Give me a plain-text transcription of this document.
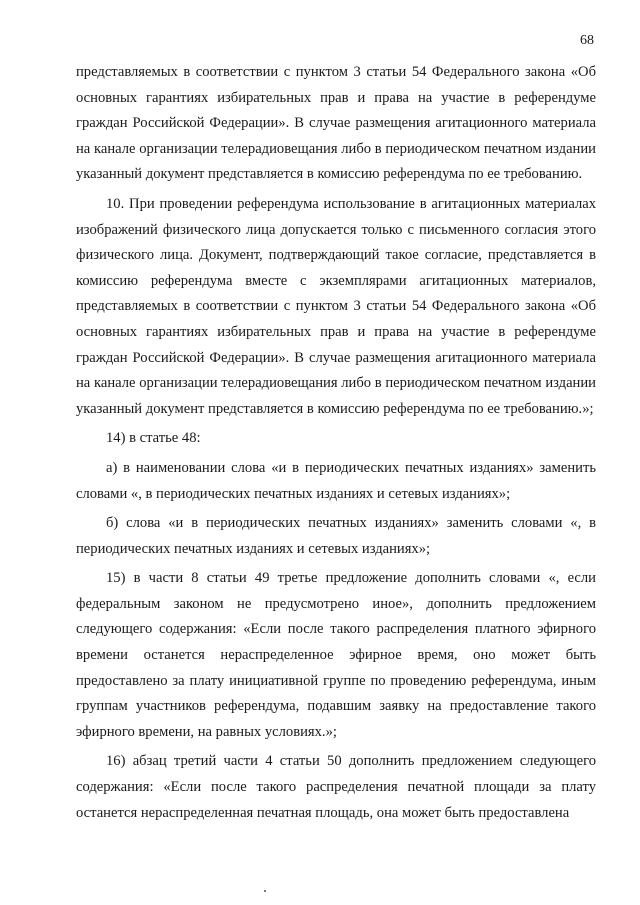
68

представляемых в соответствии с пунктом 3 статьи 54 Федерального закона «Об основных гарантиях избирательных прав и права на участие в референдуме граждан Российской Федерации». В случае размещения агитационного материала на канале организации телерадиовещания либо в периодическом печатном издании указанный документ представляется в комиссию референдума по ее требованию.

10. При проведении референдума использование в агитационных материалах изображений физического лица допускается только с письменного согласия этого физического лица. Документ, подтверждающий такое согласие, представляется в комиссию референдума вместе с экземплярами агитационных материалов, представляемых в соответствии с пунктом 3 статьи 54 Федерального закона «Об основных гарантиях избирательных прав и права на участие в референдуме граждан Российской Федерации». В случае размещения агитационного материала на канале организации телерадиовещания либо в периодическом печатном издании указанный документ представляется в комиссию референдума по ее требованию.»;

14) в статье 48:

а) в наименовании слова «и в периодических печатных изданиях» заменить словами «, в периодических печатных изданиях и сетевых изданиях»;

б) слова «и в периодических печатных изданиях» заменить словами «, в периодических печатных изданиях и сетевых изданиях»;

15) в части 8 статьи 49 третье предложение дополнить словами «, если федеральным законом не предусмотрено иное», дополнить предложением следующего содержания: «Если после такого распределения платного эфирного времени останется нераспределенное эфирное время, оно может быть предоставлено за плату инициативной группе по проведению референдума, иным группам участников референдума, подавшим заявку на предоставление такого эфирного времени, на равных условиях.»;

16) абзац третий части 4 статьи 50 дополнить предложением следующего содержания: «Если после такого распределения печатной площади за плату останется нераспределенная печатная площадь, она может быть предоставлена
